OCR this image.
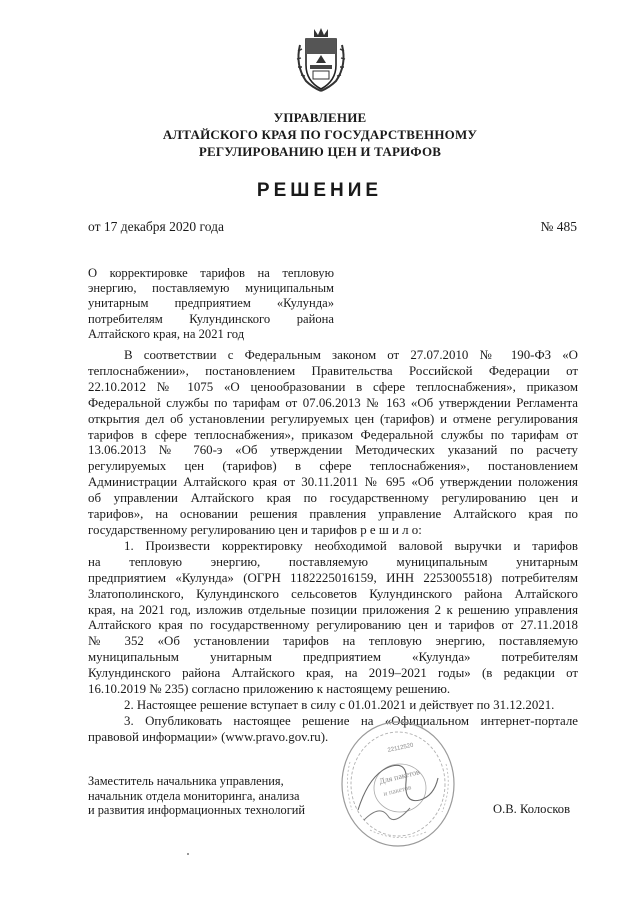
УПРАВЛЕНИЕ
АЛТАЙСКОГО КРАЯ ПО ГОСУДАРСТВЕННОМУ
РЕГУЛИРОВАНИЮ ЦЕН И ТАРИФОВ
РЕШЕНИЕ
от 17 декабря 2020 года	№ 485
О корректировке тарифов на тепловую
энергию, поставляемую муниципальным
унитарным предприятием «Кулунда»
потребителям Кулундинского района
Алтайского края, на 2021 год
В соответствии с Федеральным законом от 27.07.2010 № 190-ФЗ «О
теплоснабжении», постановлением Правительства Российской Федерации от
22.10.2012 № 1075 «О ценообразовании в сфере теплоснабжения», приказом
Федеральной службы по тарифам от 07.06.2013 № 163 «Об утверждении Регламента
открытия дел об установлении регулируемых цен (тарифов) и отмене регулирования
тарифов в сфере теплоснабжения», приказом Федеральной службы по тарифам от
13.06.2013 № 760-э «Об утверждении Методических указаний по расчету
регулируемых цен (тарифов) в сфере теплоснабжения», постановлением
Администрации Алтайского края от 30.11.2011 № 695 «Об утверждении положения
об управлении Алтайского края по государственному регулированию цен и
тарифов», на основании решения правления управление Алтайского края по
государственному регулированию цен и тарифов р е ш и л о:
1. Произвести корректировку необходимой валовой выручки и тарифов
на тепловую энергию, поставляемую муниципальным унитарным
предприятием «Кулунда» (ОГРН 1182225016159, ИНН 2253005518) потребителям
Златополинского, Кулундинского сельсоветов Кулундинского района Алтайского
края, на 2021 год, изложив отдельные позиции приложения 2 к решению управления
Алтайского края по государственному регулированию цен и тарифов от 27.11.2018
№ 352 «Об установлении тарифов на тепловую энергию, поставляемую
муниципальным унитарным предприятием «Кулунда» потребителям
Кулундинского района Алтайского края, на 2019–2021 годы» (в редакции от
16.10.2019 № 235) согласно приложению к настоящему решению.
2. Настоящее решение вступает в силу с 01.01.2021 и действует по 31.12.2021.
3. Опубликовать настоящее решение на «Официальном интернет-портале
правовой информации» (www.pravo.gov.ru).
22112520
Для пакетов
и пакетов
Заместитель начальника управления,
начальник отдела мониторинга, анализа
и развития информационных технологий	О.В. Колосков
